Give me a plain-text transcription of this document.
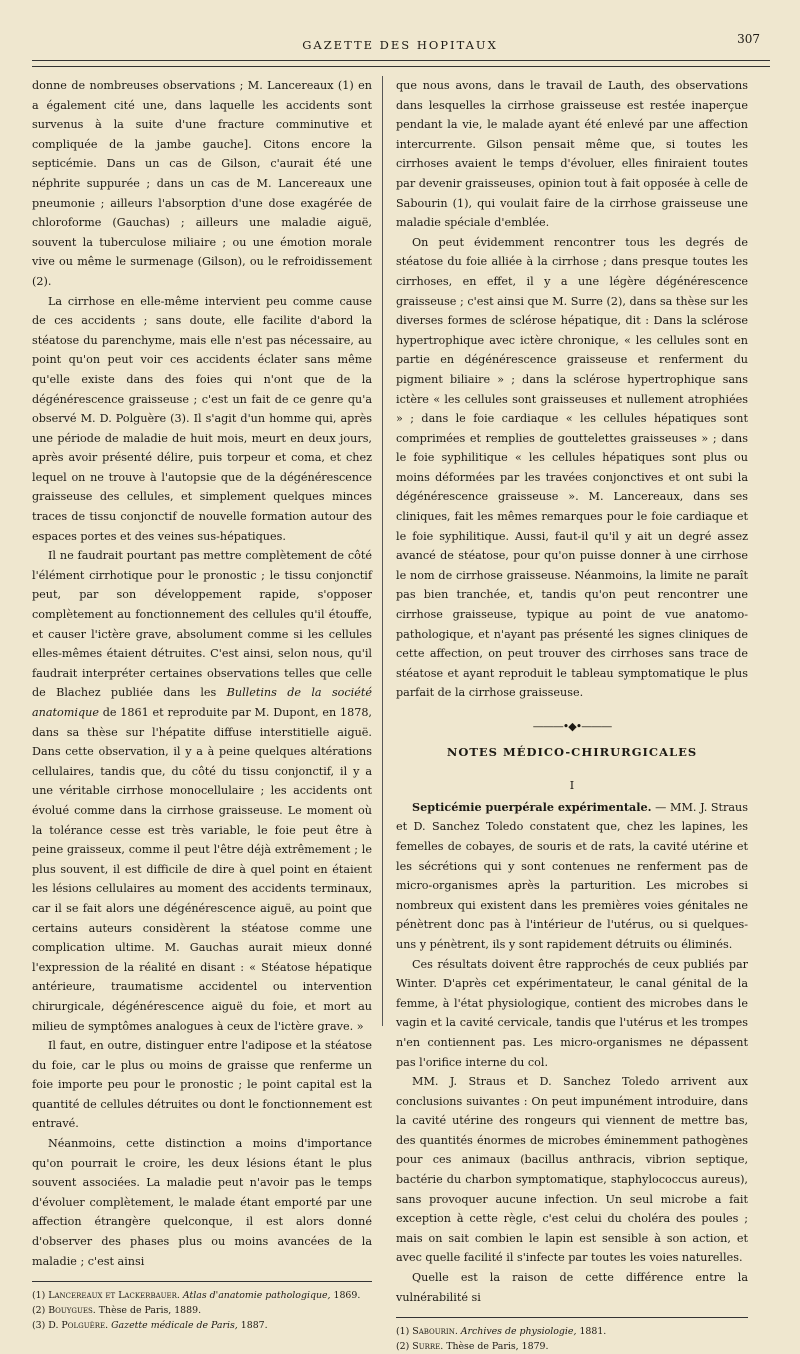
GAZETTE DES HOPITAUX	307

donne de nombreuses observations ; M. Lancereaux (1) en a également cité une, dans laquelle les accidents sont survenus à la suite d'une fracture comminutive et compliquée de la jambe gauche]. Citons encore la septicémie. Dans un cas de Gilson, c'aurait été une néphrite suppurée ; dans un cas de M. Lancereaux une pneumonie ; ailleurs l'absorption d'une dose exagérée de chloroforme (Gauchas) ; ailleurs une maladie aiguë, souvent la tuberculose miliaire ; ou une émotion morale vive ou même le surmenage (Gilson), ou le refroidissement (2).

La cirrhose en elle-même intervient peu comme cause de ces accidents ; sans doute, elle facilite d'abord la stéatose du parenchyme, mais elle n'est pas nécessaire, au point qu'on peut voir ces accidents éclater sans même qu'elle existe dans des foies qui n'ont que de la dégénérescence graisseuse ; c'est un fait de ce genre qu'a observé M. D. Polguère (3). Il s'agit d'un homme qui, après une période de maladie de huit mois, meurt en deux jours, après avoir présenté délire, puis torpeur et coma, et chez lequel on ne trouve à l'autopsie que de la dégénérescence graisseuse des cellules, et simplement quelques minces traces de tissu conjonctif de nouvelle formation autour des espaces portes et des veines sus-hépatiques.

Il ne faudrait pourtant pas mettre complètement de côté l'élément cirrhotique pour le pronostic ; le tissu conjonctif peut, par son développement rapide, s'opposer complètement au fonctionnement des cellules qu'il étouffe, et causer l'ictère grave, absolument comme si les cellules elles-mêmes étaient détruites. C'est ainsi, selon nous, qu'il faudrait interpréter certaines observations telles que celle de Blachez publiée dans les Bulletins de la société anatomique de 1861 et reproduite par M. Dupont, en 1878, dans sa thèse sur l'hépatite diffuse interstitielle aiguë. Dans cette observation, il y a à peine quelques altérations cellulaires, tandis que, du côté du tissu conjonctif, il y a une véritable cirrhose monocellulaire ; les accidents ont évolué comme dans la cirrhose graisseuse. Le moment où la tolérance cesse est très variable, le foie peut être à peine graisseux, comme il peut l'être déjà extrêmement ; le plus souvent, il est difficile de dire à quel point en étaient les lésions cellulaires au moment des accidents terminaux, car il se fait alors une dégénérescence aiguë, au point que certains auteurs considèrent la stéatose comme une complication ultime. M. Gauchas aurait mieux donné l'expression de la réalité en disant : « Stéatose hépatique antérieure, traumatisme accidentel ou intervention chirurgicale, dégénérescence aiguë du foie, et mort au milieu de symptômes analogues à ceux de l'ictère grave. »

Il faut, en outre, distinguer entre l'adipose et la stéatose du foie, car le plus ou moins de graisse que renferme un foie importe peu pour le pronostic ; le point capital est la quantité de cellules détruites ou dont le fonctionnement est entravé.

Néanmoins, cette distinction a moins d'importance qu'on pourrait le croire, les deux lésions étant le plus souvent associées. La maladie peut n'avoir pas le temps d'évoluer complètement, le malade étant emporté par une affection étrangère quelconque, il est alors donné d'observer des phases plus ou moins avancées de la maladie ; c'est ainsi

(1) Lancereaux et Lackerbauer. Atlas d'anatomie pathologique, 1869.
(2) Bouygues. Thèse de Paris, 1889.
(3) D. Polguère. Gazette médicale de Paris, 1887.

que nous avons, dans le travail de Lauth, des observations dans lesquelles la cirrhose graisseuse est restée inaperçue pendant la vie, le malade ayant été enlevé par une affection intercurrente. Gilson pensait même que, si toutes les cirrhoses avaient le temps d'évoluer, elles finiraient toutes par devenir graisseuses, opinion tout à fait opposée à celle de Sabourin (1), qui voulait faire de la cirrhose graisseuse une maladie spéciale d'emblée.

On peut évidemment rencontrer tous les degrés de stéatose du foie alliée à la cirrhose ; dans presque toutes les cirrhoses, en effet, il y a une légère dégénérescence graisseuse ; c'est ainsi que M. Surre (2), dans sa thèse sur les diverses formes de sclérose hépatique, dit : Dans la sclérose hypertrophique avec ictère chronique, « les cellules sont en partie en dégénérescence graisseuse et renferment du pigment biliaire » ; dans la sclérose hypertrophique sans ictère « les cellules sont graisseuses et nullement atrophiées » ; dans le foie cardiaque « les cellules hépatiques sont comprimées et remplies de gouttelettes graisseuses » ; dans le foie syphilitique « les cellules hépatiques sont plus ou moins déformées par les travées conjonctives et ont subi la dégénérescence graisseuse ». M. Lancereaux, dans ses cliniques, fait les mêmes remarques pour le foie cardiaque et le foie syphilitique. Aussi, faut-il qu'il y ait un degré assez avancé de stéatose, pour qu'on puisse donner à une cirrhose le nom de cirrhose graisseuse. Néanmoins, la limite ne paraît pas bien tranchée, et, tandis qu'on peut rencontrer une cirrhose graisseuse, typique au point de vue anatomo-pathologique, et n'ayant pas présenté les signes cliniques de cette affection, on peut trouver des cirrhoses sans trace de stéatose et ayant reproduit le tableau symptomatique le plus parfait de la cirrhose graisseuse.

———•◆•———
NOTES MÉDICO-CHIRURGICALES
I

Septicémie puerpérale expérimentale. — MM. J. Straus et D. Sanchez Toledo constatent que, chez les lapines, les femelles de cobayes, de souris et de rats, la cavité utérine et les sécrétions qui y sont contenues ne renferment pas de micro-organismes après la parturition. Les microbes si nombreux qui existent dans les premières voies génitales ne pénètrent donc pas à l'intérieur de l'utérus, ou si quelques-uns y pénètrent, ils y sont rapidement détruits ou éliminés.

Ces résultats doivent être rapprochés de ceux publiés par Winter. D'après cet expérimentateur, le canal génital de la femme, à l'état physiologique, contient des microbes dans le vagin et la cavité cervicale, tandis que l'utérus et les trompes n'en contiennent pas. Les micro-organismes ne dépassent pas l'orifice interne du col.

MM. J. Straus et D. Sanchez Toledo arrivent aux conclusions suivantes : On peut impunément introduire, dans la cavité utérine des rongeurs qui viennent de mettre bas, des quantités énormes de microbes éminemment pathogènes pour ces animaux (bacillus anthracis, vibrion septique, bactérie du charbon symptomatique, staphylococcus aureus), sans provoquer aucune infection. Un seul microbe a fait exception à cette règle, c'est celui du choléra des poules ; mais on sait combien le lapin est sensible à son action, et avec quelle facilité il s'infecte par toutes les voies naturelles.

Quelle est la raison de cette différence entre la vulnérabilité si

(1) Sabourin. Archives de physiologie, 1881.
(2) Surre. Thèse de Paris, 1879.
